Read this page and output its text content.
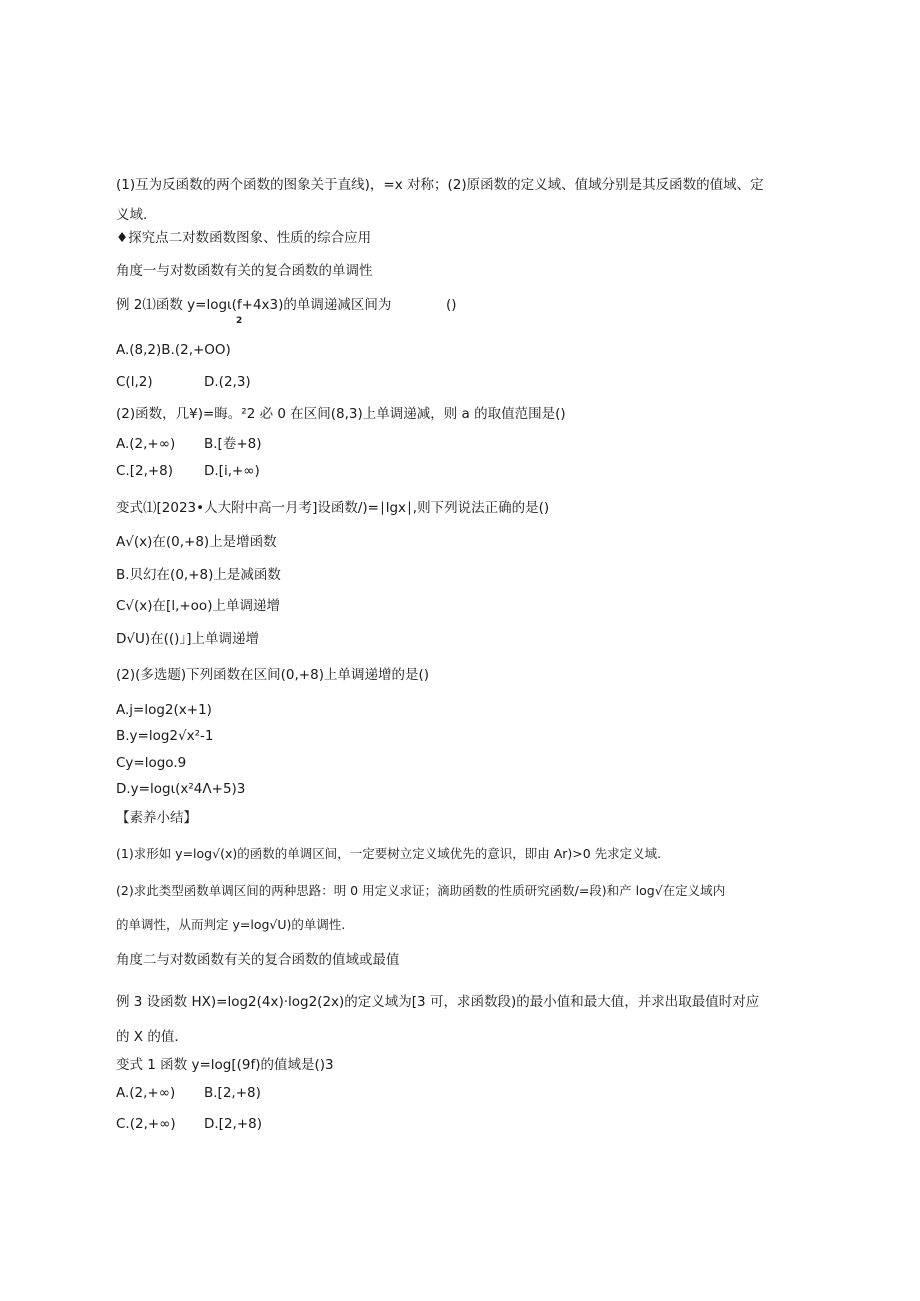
(1)互为反函数的两个函数的图象关于直线)，=x 对称；(2)原函数的定义域、值域分别是其反函数的值域、定
义域.
♦探究点二对数函数图象、性质的综合应用
角度一与对数函数有关的复合函数的单调性
例 2⑴函数 y=logι(f+4x3)的单调递减区间为	()
2
A.(8,2)B.(2,+OO)
C(l,2)	D.(2,3)
(2)函数，几¥)=晦。²2 必 0 在区间(8,3)上单调递减，则 a 的取值范围是()
A.(2,+∞) B.[卷+8)
C.[2,+8) D.[i,+∞)
变式⑴[2023•人大附中高一月考]设函数/)=∣lgx∣,则下列说法正确的是()
A√(x)在(0,+8)上是增函数
B.贝幻在(0,+8)上是减函数
C√(x)在[l,+oo)上单调递增
D√U)在(()」]上单调递增
(2)(多选题)下列函数在区间(0,+8)上单调递增的是()
A.j=log2(x+1)
B.y=log2√x²-1
Cy=logo.9
D.y=logι(x²4Λ+5)3
【素养小结】
(1)求形如 y=log√(x)的函数的单调区间，一定要树立定义域优先的意识，即由 Ar)>0 先求定义域.
(2)求此类型函数单调区间的两种思路：明 0 用定义求证；滴助函数的性质研究函数/=段)和产 log√在定义域内
的单调性，从而判定 y=log√U)的单调性.
角度二与对数函数有关的复合函数的值域或最值
例 3 设函数 HX)=log2(4x)·log2(2x)的定义域为[3 可，求函数段)的最小值和最大值，并求出取最值时对应
的 X 的值.
变式 1 函数 y=log[(9f)的值域是()3
A.(2,+∞) B.[2,+8)
C.(2,+∞) D.[2,+8)
